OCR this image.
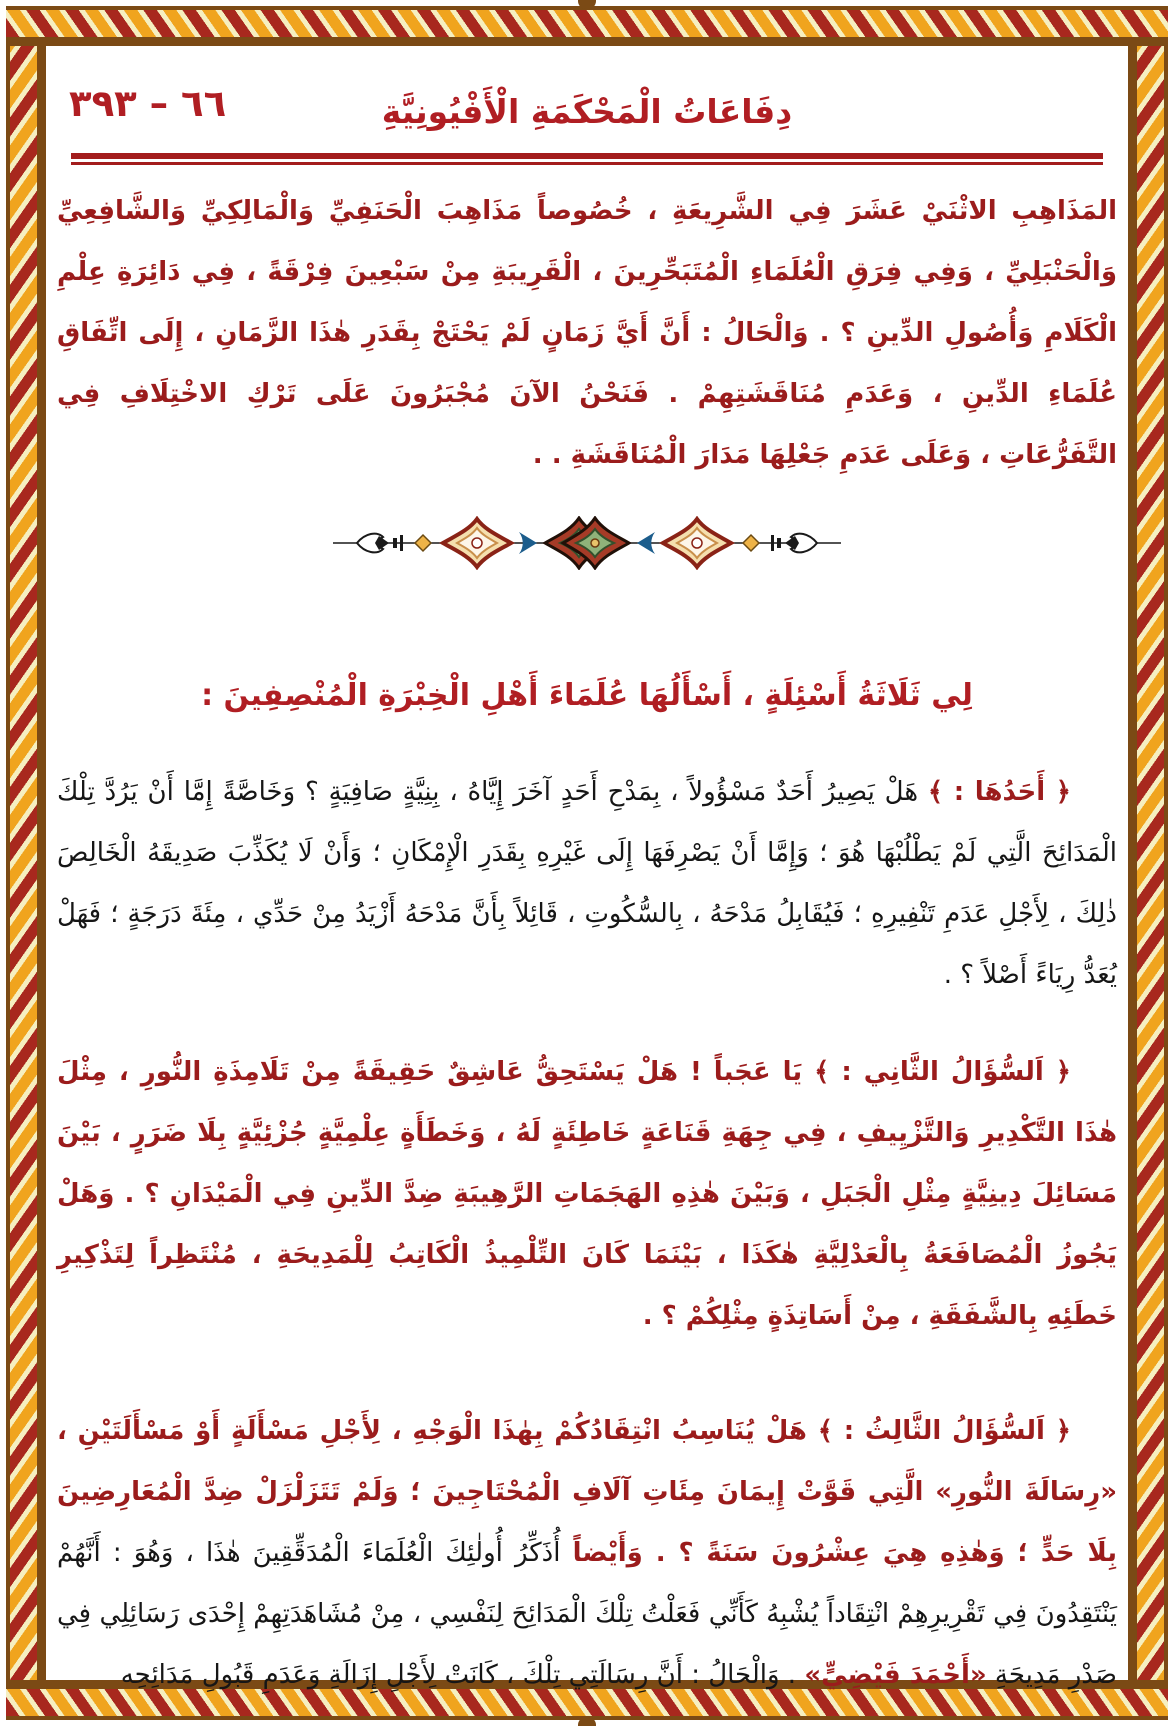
٦٦ – ٣٩٣	دِفَاعَاتُ الْمَحْكَمَةِ الْأَفْيُونِيَّةِ

المَذَاهِبِ الاثْنَيْ عَشَرَ فِي الشَّرِيعَةِ ، خُصُوصاً مَذَاهِبَ الْحَنَفِيِّ وَالْمَالِكِيِّ وَالشَّافِعِيِّ وَالْحَنْبَلِيِّ ، وَفِي فِرَقِ الْعُلَمَاءِ الْمُتَبَحِّرِينَ ، الْقَرِيبَةِ مِنْ سَبْعِينَ فِرْقَةً ، فِي دَائِرَةِ عِلْمِ الْكَلَامِ وَأُصُولِ الدِّينِ ؟ . وَالْحَالُ : أَنَّ أَيَّ زَمَانٍ لَمْ يَحْتَجْ بِقَدَرِ هٰذَا الزَّمَانِ ، إِلَى اتِّفَاقِ عُلَمَاءِ الدِّينِ ، وَعَدَمِ مُنَاقَشَتِهِمْ . فَنَحْنُ الآنَ مُجْبَرُونَ عَلَى تَرْكِ الاخْتِلَافِ فِي التَّفَرُّعَاتِ ، وَعَلَى عَدَمِ جَعْلِهَا مَدَارَ الْمُنَاقَشَةِ . .

لِي ثَلَاثَةُ أَسْئِلَةٍ ، أَسْأَلُهَا عُلَمَاءَ أَهْلِ الْخِبْرَةِ الْمُنْصِفِينَ :

﴿ أَحَدُهَا : ﴾ هَلْ يَصِيرُ أَحَدٌ مَسْؤُولاً ، بِمَدْحِ أَحَدٍ آخَرَ إِيَّاهُ ، بِنِيَّةٍ صَافِيَةٍ ؟ وَخَاصَّةً إِمَّا أَنْ يَرُدَّ تِلْكَ الْمَدَائِحَ الَّتِي لَمْ يَطْلُبْهَا هُوَ ؛ وَإِمَّا أَنْ يَصْرِفَهَا إِلَى غَيْرِهِ بِقَدَرِ الْإِمْكَانِ ؛ وَأَنْ لَا يُكَذِّبَ صَدِيقَهُ الْخَالِصَ ذٰلِكَ ، لِأَجْلِ عَدَمِ تَنْفِيرِهِ ؛ فَيُقَابِلُ مَدْحَهُ ، بِالسُّكُوتِ ، قَائِلاً بِأَنَّ مَدْحَهُ أَزْيَدُ مِنْ حَدِّي ، مِئَةَ دَرَجَةٍ ؛ فَهَلْ يُعَدُّ رِيَاءً أَصْلاً ؟ .

﴿ اَلسُّؤَالُ الثَّانِي : ﴾ يَا عَجَباً ! هَلْ يَسْتَحِقُّ عَاشِقٌ حَقِيقَةً مِنْ تَلَامِذَةِ النُّورِ ، مِثْلَ هٰذَا التَّكْدِيرِ وَالتَّزْيِيفِ ، فِي جِهَةِ قَنَاعَةٍ خَاطِئَةٍ لَهُ ، وَخَطَأَةٍ عِلْمِيَّةٍ جُزْئِيَّةٍ بِلَا ضَرَرٍ ، بَيْنَ مَسَائِلَ دِينِيَّةٍ مِثْلِ الْجَبَلِ ، وَبَيْنَ هٰذِهِ الهَجَمَاتِ الرَّهِيبَةِ ضِدَّ الدِّينِ فِي الْمَيْدَانِ ؟ . وَهَلْ يَجُوزُ الْمُصَافَعَةُ بِالْعَدْلِيَّةِ هٰكَذَا ، بَيْنَمَا كَانَ التِّلْمِيذُ الْكَاتِبُ لِلْمَدِيحَةِ ، مُنْتَظِراً لِتَذْكِيرِ خَطَئِهِ بِالشَّفَقَةِ ، مِنْ أَسَاتِذَةٍ مِثْلِكُمْ ؟ .

﴿ اَلسُّؤَالُ الثَّالِثُ : ﴾ هَلْ يُنَاسِبُ انْتِقَادُكُمْ بِهٰذَا الْوَجْهِ ، لِأَجْلِ مَسْأَلَةٍ أَوْ مَسْأَلَتَيْنِ ، «رِسَالَةَ النُّورِ» الَّتِي قَوَّتْ إِيمَانَ مِئَاتِ آلَافِ الْمُحْتَاجِينَ ؛ وَلَمْ تَتَزَلْزَلْ ضِدَّ الْمُعَارِضِينَ بِلَا حَدٍّ ؛ وَهٰذِهِ هِيَ عِشْرُونَ سَنَةً ؟ . وَأَيْضاً أُذَكِّرُ أُولٰئِكَ الْعُلَمَاءَ الْمُدَقِّقِينَ هٰذَا ، وَهُوَ : أَنَّهُمْ يَنْتَقِدُونَ فِي تَقْرِيرِهِمْ انْتِقَاداً يُشْبِهُ كَأَنِّي فَعَلْتُ تِلْكَ الْمَدَائِحَ لِنَفْسِي ، مِنْ مُشَاهَدَتِهِمْ إِحْدَى رَسَائِلِي فِي صَدْرِ مَدِيحَةِ «أَحْمَدَ فَيْضِيٍّ» . وَالْحَالُ : أَنَّ رِسَالَتِي تِلْكَ ، كَانَتْ لِأَجْلِ إِزَالَةِ وَعَدَمِ قَبُولِ مَدَائِحِه
